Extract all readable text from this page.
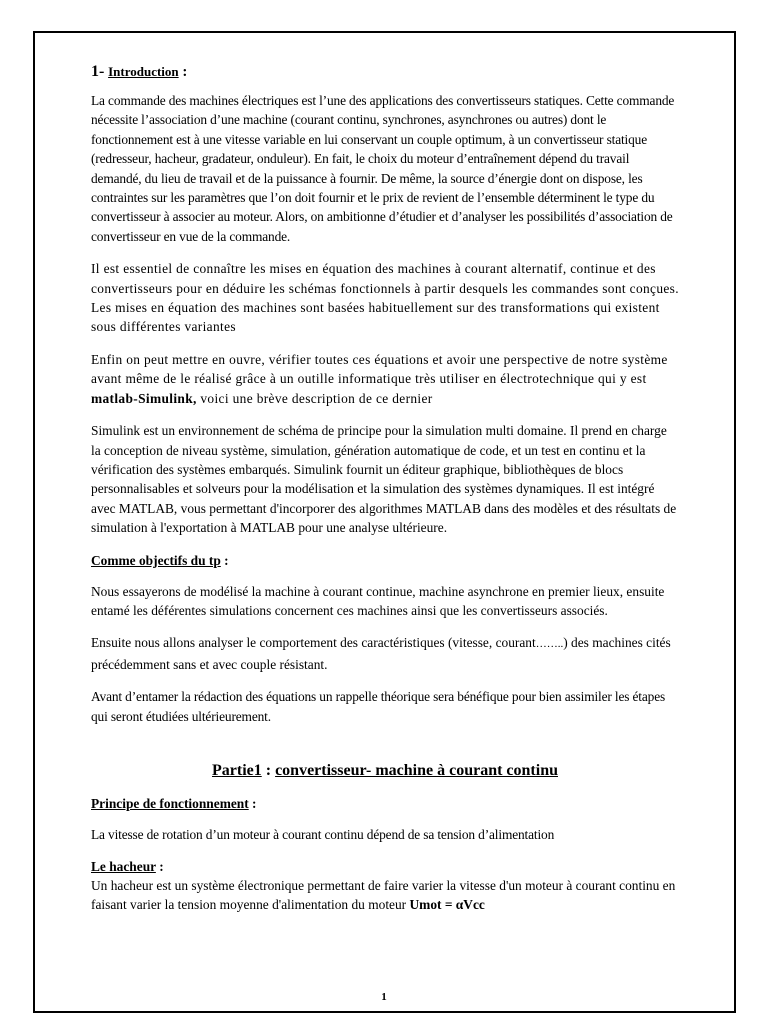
1- Introduction :

La commande des machines électriques est l’une des applications des convertisseurs statiques. Cette commande nécessite l’association d’une machine (courant continu, synchrones, asynchrones ou autres) dont le fonctionnement est à une vitesse variable en lui conservant un couple optimum, à un convertisseur statique (redresseur, hacheur, gradateur, onduleur). En fait, le choix du moteur d’entraînement dépend du travail demandé, du lieu de travail et de la puissance à fournir. De même, la source d’énergie dont on dispose, les contraintes sur les paramètres que l’on doit fournir et le prix de revient de l’ensemble déterminent le type du convertisseur à associer au moteur. Alors, on ambitionne d’étudier et d’analyser les possibilités d’association de convertisseur en vue de la commande.

Il est essentiel de connaître les mises en équation des machines à courant alternatif, continue et des convertisseurs pour en déduire les schémas fonctionnels à partir desquels les commandes sont conçues. Les mises en équation des machines sont basées habituellement sur des transformations qui existent sous différentes variantes

Enfin on peut mettre en ouvre, vérifier toutes ces équations et avoir une perspective de notre système avant même de le réalisé grâce à un outille informatique très utiliser en électrotechnique qui y est matlab-Simulink, voici une brève description de ce dernier

Simulink est un environnement de schéma de principe pour la simulation multi domaine. Il prend en charge la conception de niveau système, simulation, génération automatique de code, et un test en continu et la vérification des systèmes embarqués. Simulink fournit un éditeur graphique, bibliothèques de blocs personnalisables et solveurs pour la modélisation et la simulation des systèmes dynamiques. Il est intégré avec MATLAB, vous permettant d'incorporer des algorithmes MATLAB dans des modèles et des résultats de simulation à l'exportation à MATLAB pour une analyse ultérieure.

Comme objectifs du tp :

Nous essayerons de modélisé la machine à courant continue, machine asynchrone en premier lieux, ensuite entamé les déférentes simulations concernent ces machines ainsi que les convertisseurs associés.

Ensuite nous allons analyser le comportement des caractéristiques (vitesse, courant……..) des machines cités précédemment sans et avec couple résistant.

Avant d’entamer la rédaction des équations un rappelle théorique sera bénéfique pour bien assimiler les étapes qui seront étudiées ultérieurement.

Partie1 : convertisseur- machine à courant continu

Principe de fonctionnement :

La vitesse de rotation d’un moteur à courant continu dépend de sa tension d’alimentation

Le hacheur :

Un hacheur est un système électronique permettant de faire varier la vitesse d'un moteur à courant continu en faisant varier la tension moyenne d'alimentation du moteur Umot = αVcc

1
